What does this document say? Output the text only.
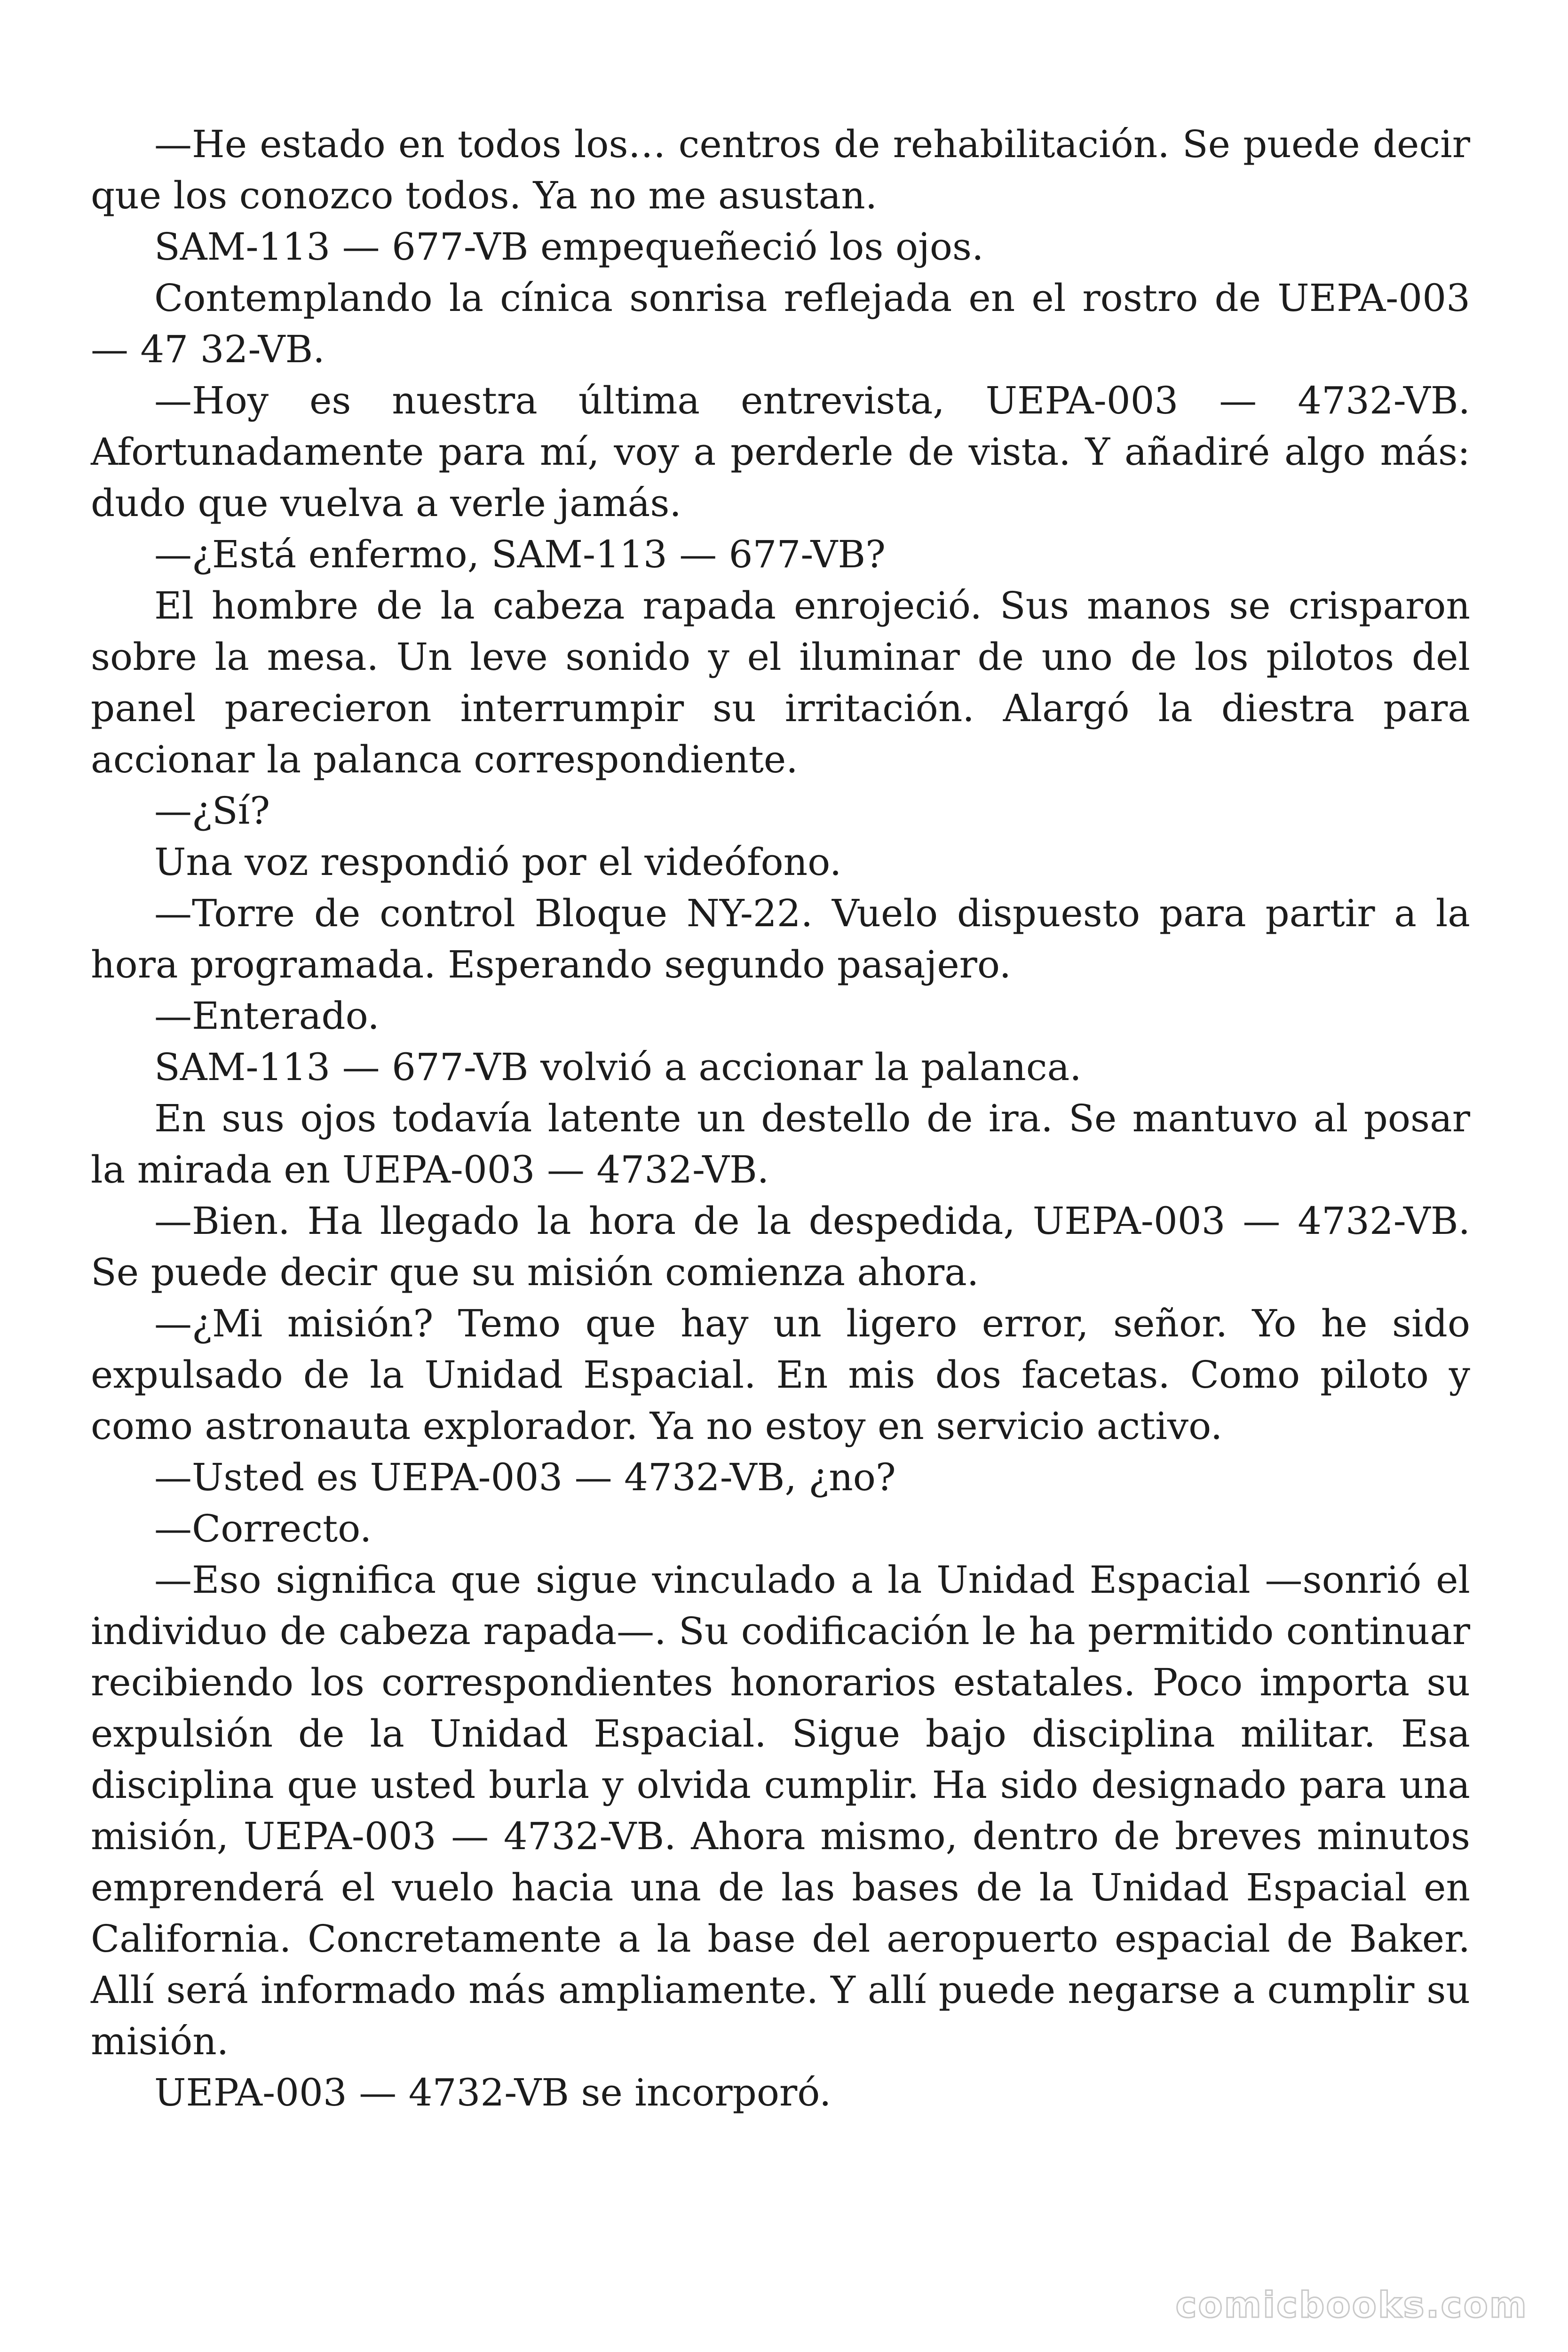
—He estado en todos los… centros de rehabilitación. Se puede decir que los conozco todos. Ya no me asustan.

SAM-113 — 677-VB empequeñeció los ojos.

Contemplando la cínica sonrisa reflejada en el rostro de UEPA-003 — 47 32-VB.

—Hoy es nuestra última entrevista, UEPA-003 — 4732-VB. Afortunadamente para mí, voy a perderle de vista. Y añadiré algo más: dudo que vuelva a verle jamás.

—¿Está enfermo, SAM-113 — 677-VB?

El hombre de la cabeza rapada enrojeció. Sus manos se crisparon sobre la mesa. Un leve sonido y el iluminar de uno de los pilotos del panel parecieron interrumpir su irritación. Alargó la diestra para accionar la palanca correspondiente.

—¿Sí?

Una voz respondió por el videófono.

—Torre de control Bloque NY-22. Vuelo dispuesto para partir a la hora programada. Esperando segundo pasajero.

—Enterado.

SAM-113 — 677-VB volvió a accionar la palanca.

En sus ojos todavía latente un destello de ira. Se mantuvo al posar la mirada en UEPA-003 — 4732-VB.

—Bien. Ha llegado la hora de la despedida, UEPA-003 — 4732-VB. Se puede decir que su misión comienza ahora.

—¿Mi misión? Temo que hay un ligero error, señor. Yo he sido expulsado de la Unidad Espacial. En mis dos facetas. Como piloto y como astronauta explorador. Ya no estoy en servicio activo.

—Usted es UEPA-003 — 4732-VB, ¿no?

—Correcto.

—Eso significa que sigue vinculado a la Unidad Espacial —sonrió el individuo de cabeza rapada—. Su codificación le ha permitido continuar recibiendo los correspondientes honorarios estatales. Poco importa su expulsión de la Unidad Espacial. Sigue bajo disciplina militar. Esa disciplina que usted burla y olvida cumplir. Ha sido designado para una misión, UEPA-003 — 4732-VB. Ahora mismo, dentro de breves minutos emprenderá el vuelo hacia una de las bases de la Unidad Espacial en California. Concretamente a la base del aeropuerto espacial de Baker. Allí será informado más ampliamente. Y allí puede negarse a cumplir su misión.

UEPA-003 — 4732-VB se incorporó.

comicbooks.com
